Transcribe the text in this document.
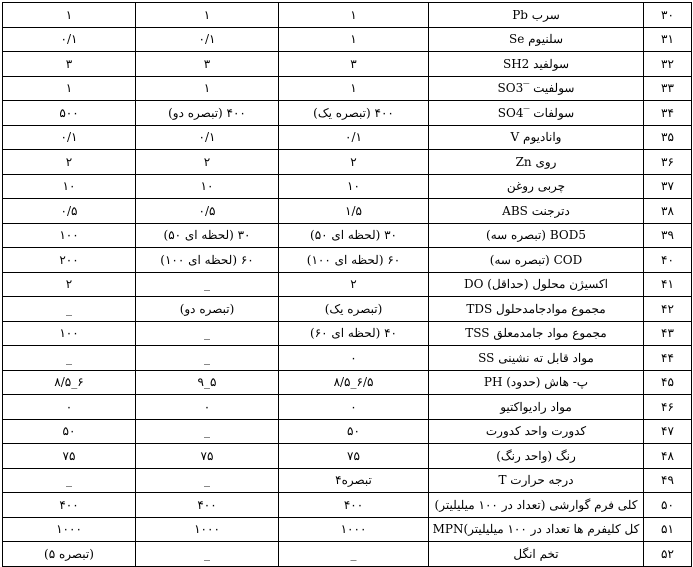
۱	۱	۱	سرب Pb	۳۰
۰/۱	۰/۱	۱	سلنیوم Se	۳۱
۳	۳	۳	سولفید SH2	۳۲
۱	۱	۱	سولفیت ‾SO3	۳۳
۵۰۰	۴۰۰ (تبصره دو)	۴۰۰ (تبصره یک)	سولفات ‾SO4	۳۴
۰/۱	۰/۱	۰/۱	وانادیوم V	۳۵
۲	۲	۲	روی Zn	۳۶
۱۰	۱۰	۱۰	چربی روغن	۳۷
۰/۵	۰/۵	۱/۵	دترجنت ABS	۳۸
۱۰۰	۳۰ (لحظه ای ۵۰)	۳۰ (لحظه ای ۵۰)	BOD5 (تبصره سه)	۳۹
۲۰۰	۶۰ (لحظه ای ۱۰۰)	۶۰ (لحظه ای ۱۰۰)	COD (تبصره سه)	۴۰
۲	_	۲	اکسیژن محلول (حداقل) DO	۴۱
_	(تبصره دو)	(تبصره یک)	مجموع موادجامدحلول TDS	۴۲
۱۰۰	_	۴۰ (لحظه ای ۶۰)	مجموع مواد جامدمعلق TSS	۴۳
_	_	۰	مواد قابل ته نشینی SS	۴۴
۶_۸/۵	۵_۹	۶/۵_۸/۵	پ- هاش (حدود) PH	۴۵
۰	۰	۰	مواد رادیواکتیو	۴۶
۵۰	_	۵۰	کدورت واحد کدورت	۴۷
۷۵	۷۵	۷۵	رنگ (واحد رنگ)	۴۸
_	_	تبصره۴	درجه حرارت T	۴۹
۴۰۰	۴۰۰	۴۰۰	کلی فرم گوارشی (تعداد در ۱۰۰ میلیلیتر)	۵۰
۱۰۰۰	۱۰۰۰	۱۰۰۰	کل کلیفرم ها تعداد در ۱۰۰ میلیلیتر)MPN	۵۱
(تبصره ۵)	_	_	تخم انگل	۵۲
